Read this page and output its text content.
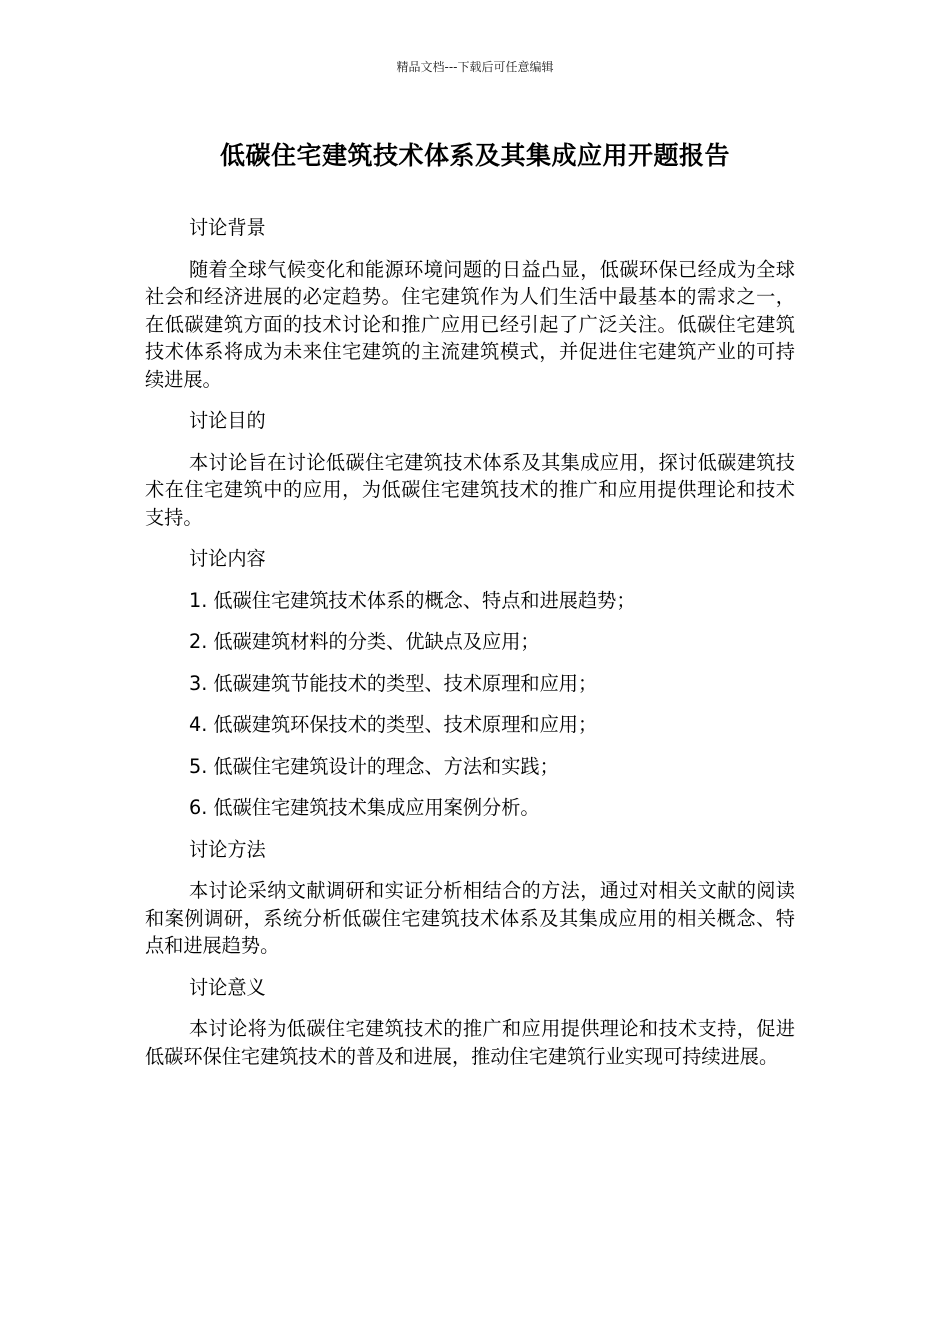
精品文档---下载后可任意编辑
低碳住宅建筑技术体系及其集成应用开题报告

讨论背景

随着全球气候变化和能源环境问题的日益凸显，低碳环保已经成为全球社会和经济进展的必定趋势。住宅建筑作为人们生活中最基本的需求之一，在低碳建筑方面的技术讨论和推广应用已经引起了广泛关注。低碳住宅建筑技术体系将成为未来住宅建筑的主流建筑模式，并促进住宅建筑产业的可持续进展。

讨论目的

本讨论旨在讨论低碳住宅建筑技术体系及其集成应用，探讨低碳建筑技术在住宅建筑中的应用，为低碳住宅建筑技术的推广和应用提供理论和技术支持。

讨论内容

1. 低碳住宅建筑技术体系的概念、特点和进展趋势；

2. 低碳建筑材料的分类、优缺点及应用；

3. 低碳建筑节能技术的类型、技术原理和应用；

4. 低碳建筑环保技术的类型、技术原理和应用；

5. 低碳住宅建筑设计的理念、方法和实践；

6. 低碳住宅建筑技术集成应用案例分析。

讨论方法

本讨论采纳文献调研和实证分析相结合的方法，通过对相关文献的阅读和案例调研，系统分析低碳住宅建筑技术体系及其集成应用的相关概念、特点和进展趋势。

讨论意义

本讨论将为低碳住宅建筑技术的推广和应用提供理论和技术支持，促进低碳环保住宅建筑技术的普及和进展，推动住宅建筑行业实现可持续进展。
